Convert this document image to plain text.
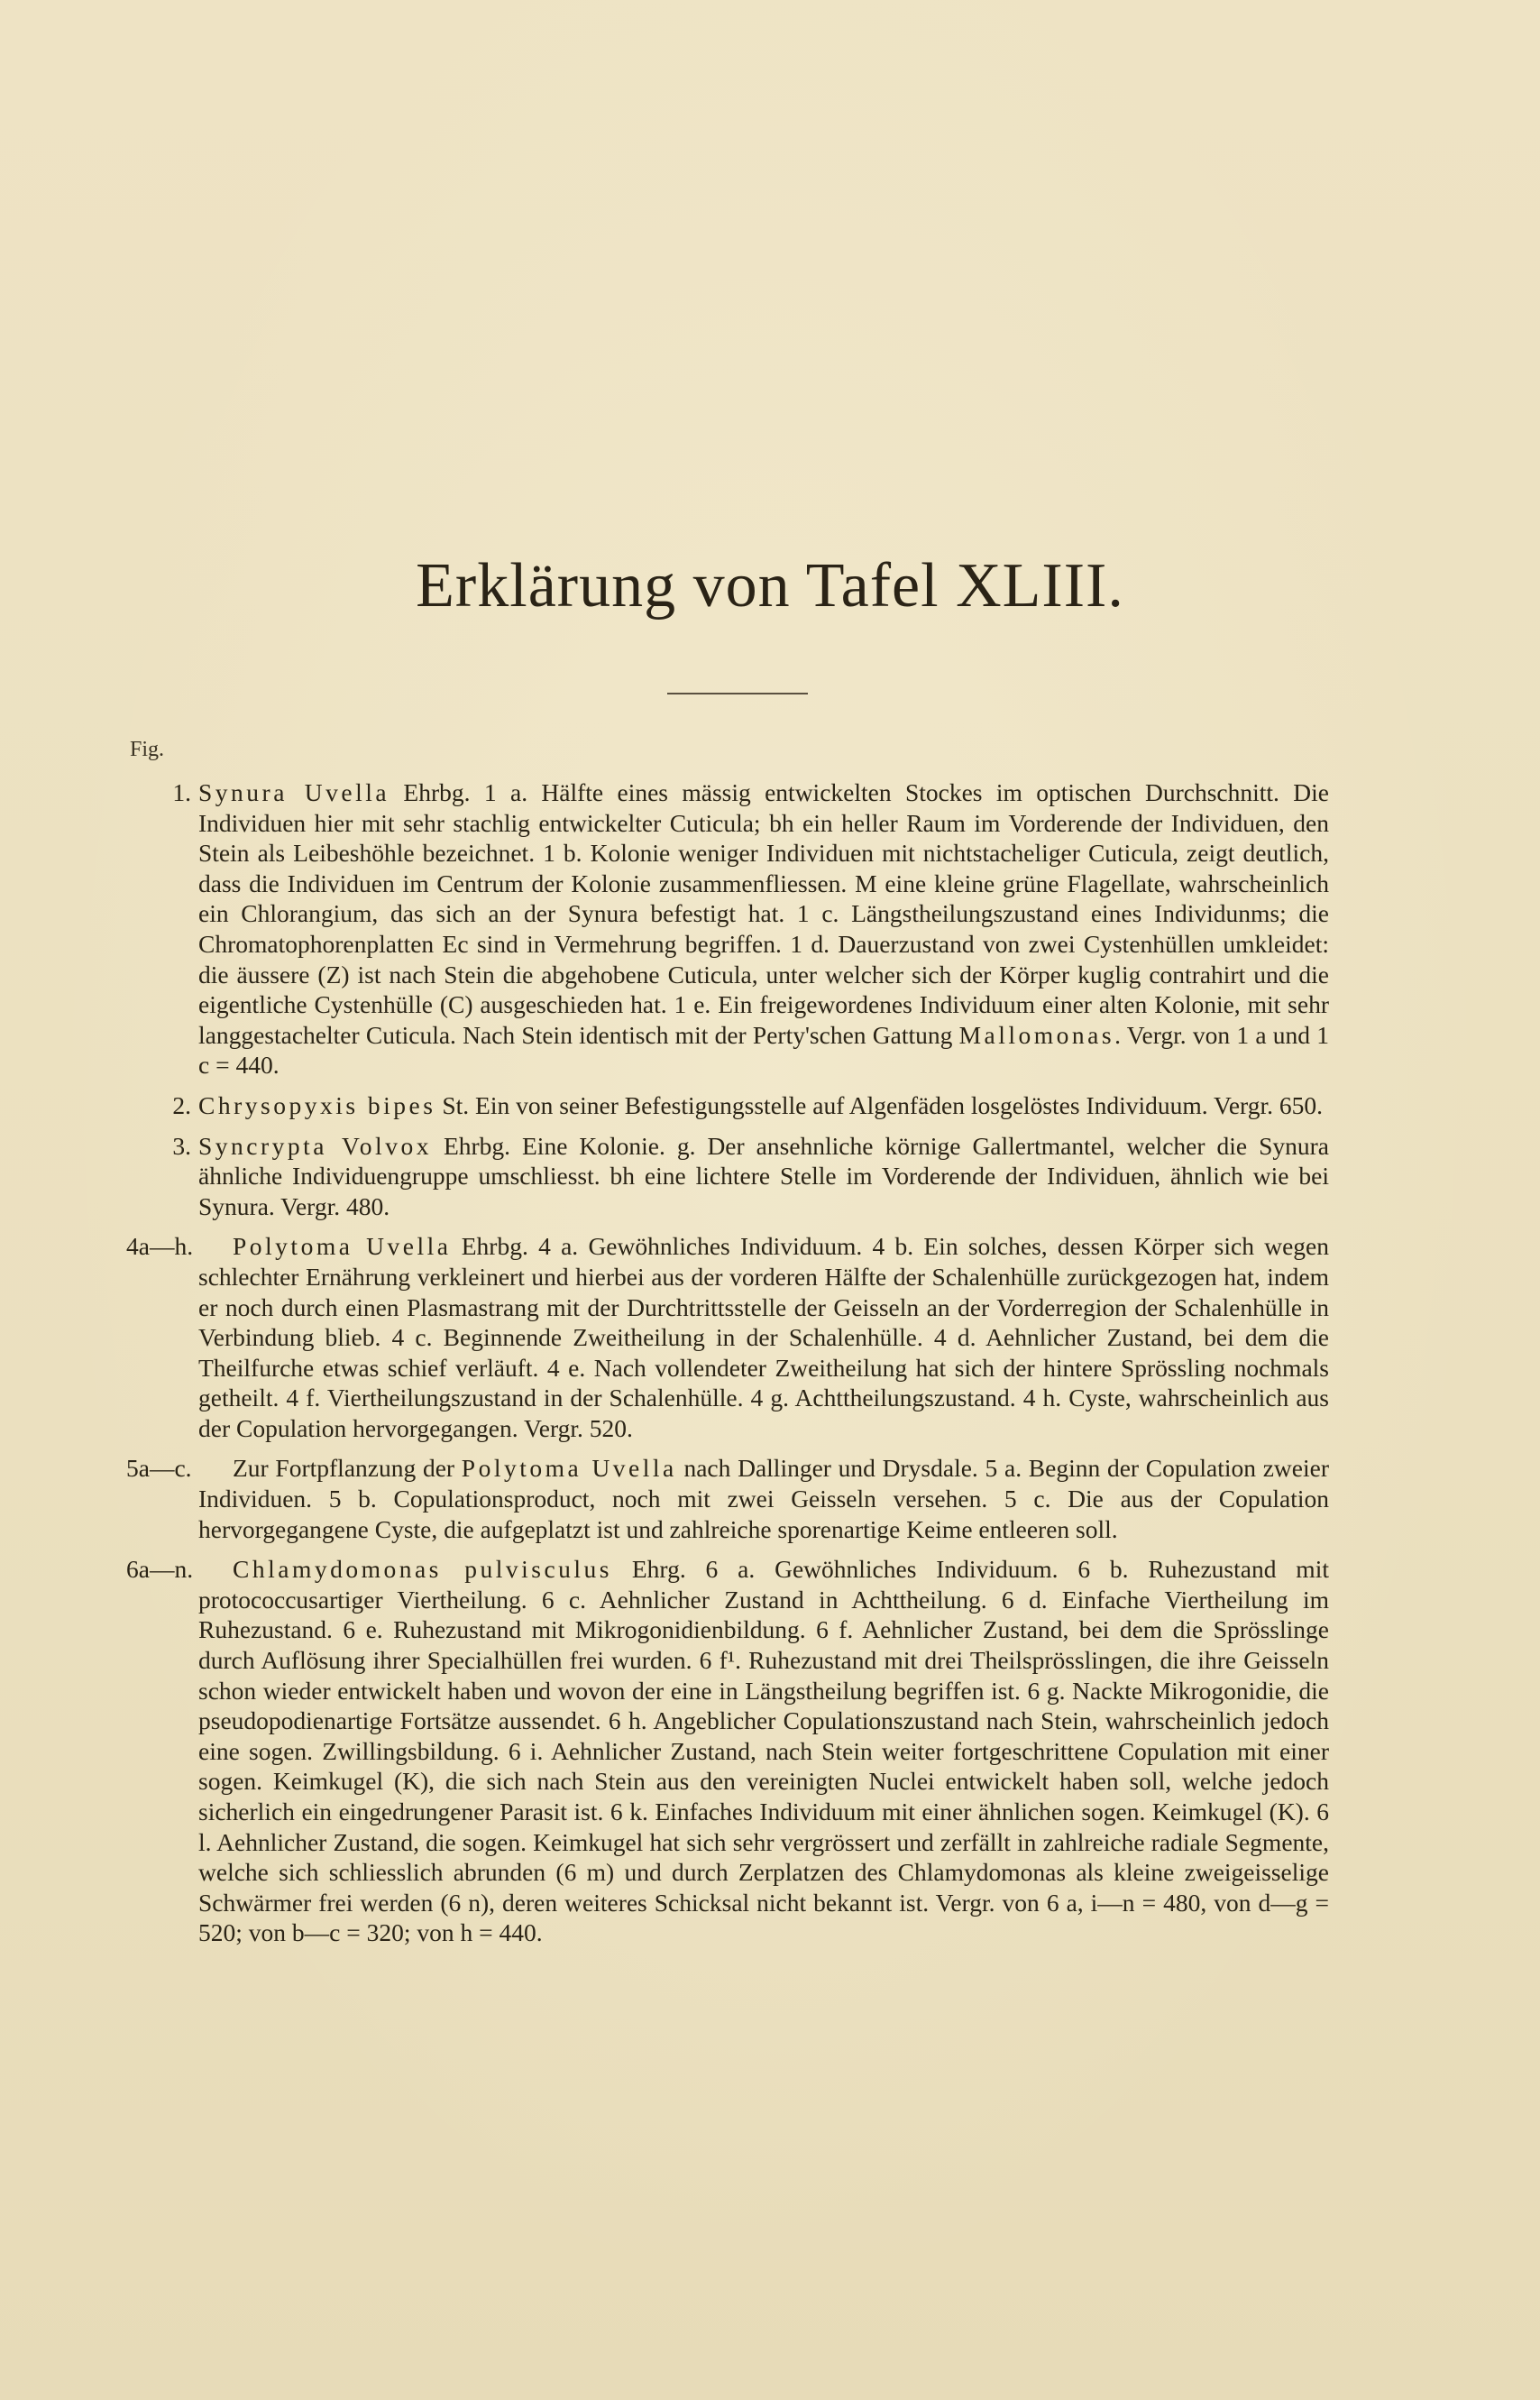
Erklärung von Tafel XLIII.
Fig.
1. Synura Uvella Ehrbg. 1 a. Hälfte eines mässig entwickelten Stockes im optischen Durchschnitt. Die Individuen hier mit sehr stachlig entwickelter Cuticula; bh ein heller Raum im Vorderende der Individuen, den Stein als Leibeshöhle bezeichnet. 1 b. Kolonie weniger Individuen mit nichtstacheliger Cuticula, zeigt deutlich, dass die Individuen im Centrum der Kolonie zusammenfliessen. M eine kleine grüne Flagellate, wahrscheinlich ein Chlorangium, das sich an der Synura befestigt hat. 1 c. Längstheilungszustand eines Individunms; die Chromatophorenplatten Ec sind in Vermehrung begriffen. 1 d. Dauerzustand von zwei Cystenhüllen umkleidet: die äussere (Z) ist nach Stein die abgehobene Cuticula, unter welcher sich der Körper kuglig contrahirt und die eigentliche Cystenhülle (C) ausgeschieden hat. 1 e. Ein freigewordenes Individuum einer alten Kolonie, mit sehr langgestachelter Cuticula. Nach Stein identisch mit der Perty'schen Gattung Mallomonas. Vergr. von 1 a und 1 c = 440.

2. Chrysopyxis bipes St. Ein von seiner Befestigungsstelle auf Algenfäden losgelöstes Individuum. Vergr. 650.

3. Syncrypta Volvox Ehrbg. Eine Kolonie. g. Der ansehnliche körnige Gallertmantel, welcher die Synura ähnliche Individuengruppe umschliesst. bh eine lichtere Stelle im Vorderende der Individuen, ähnlich wie bei Synura. Vergr. 480.

4a—h.	Polytoma Uvella Ehrbg. 4 a. Gewöhnliches Individuum. 4 b. Ein solches, dessen Körper sich wegen schlechter Ernährung verkleinert und hierbei aus der vorderen Hälfte der Schalenhülle zurückgezogen hat, indem er noch durch einen Plasmastrang mit der Durchtrittsstelle der Geisseln an der Vorderregion der Schalenhülle in Verbindung blieb. 4 c. Beginnende Zweitheilung in der Schalenhülle. 4 d. Aehnlicher Zustand, bei dem die Theilfurche etwas schief verläuft. 4 e. Nach vollendeter Zweitheilung hat sich der hintere Sprössling nochmals getheilt. 4 f. Viertheilungszustand in der Schalenhülle. 4 g. Achttheilungszustand. 4 h. Cyste, wahrscheinlich aus der Copulation hervorgegangen. Vergr. 520.

5a—c.	Zur Fortpflanzung der Polytoma Uvella nach Dallinger und Drysdale. 5 a. Beginn der Copulation zweier Individuen. 5 b. Copulationsproduct, noch mit zwei Geisseln versehen. 5 c. Die aus der Copulation hervorgegangene Cyste, die aufgeplatzt ist und zahlreiche sporenartige Keime entleeren soll.

6a—n.	Chlamydomonas pulvisculus Ehrg. 6 a. Gewöhnliches Individuum. 6 b. Ruhezustand mit protococcusartiger Viertheilung. 6 c. Aehnlicher Zustand in Achttheilung. 6 d. Einfache Viertheilung im Ruhezustand. 6 e. Ruhezustand mit Mikrogonidienbildung. 6 f. Aehnlicher Zustand, bei dem die Sprösslinge durch Auflösung ihrer Specialhüllen frei wurden. 6 f¹. Ruhezustand mit drei Theilsprösslingen, die ihre Geisseln schon wieder entwickelt haben und wovon der eine in Längstheilung begriffen ist. 6 g. Nackte Mikrogonidie, die pseudopodienartige Fortsätze aussendet. 6 h. Angeblicher Copulationszustand nach Stein, wahrscheinlich jedoch eine sogen. Zwillingsbildung. 6 i. Aehnlicher Zustand, nach Stein weiter fortgeschrittene Copulation mit einer sogen. Keimkugel (K), die sich nach Stein aus den vereinigten Nuclei entwickelt haben soll, welche jedoch sicherlich ein eingedrungener Parasit ist. 6 k. Einfaches Individuum mit einer ähnlichen sogen. Keimkugel (K). 6 l. Aehnlicher Zustand, die sogen. Keimkugel hat sich sehr vergrössert und zerfällt in zahlreiche radiale Segmente, welche sich schliesslich abrunden (6 m) und durch Zerplatzen des Chlamydomonas als kleine zweigeisselige Schwärmer frei werden (6 n), deren weiteres Schicksal nicht bekannt ist. Vergr. von 6 a, i—n = 480, von d—g = 520; von b—c = 320; von h = 440.
